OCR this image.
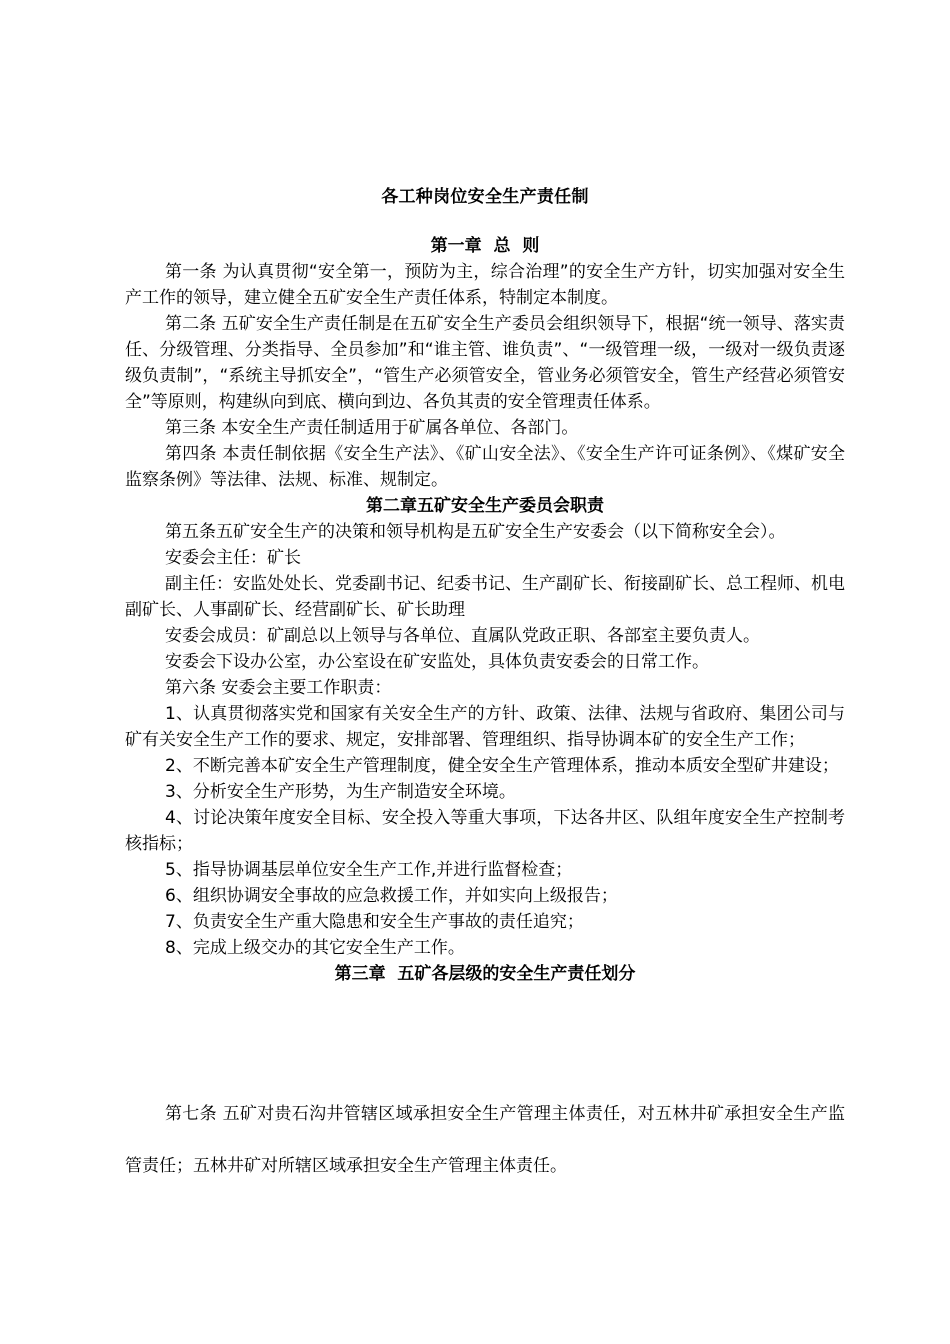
各工种岗位安全生产责任制
第一章  总  则

第一条 为认真贯彻“安全第一，预防为主，综合治理”的安全生产方针，切实加强对安全生产工作的领导，建立健全五矿安全生产责任体系，特制定本制度。

第二条 五矿安全生产责任制是在五矿安全生产委员会组织领导下，根据“统一领导、落实责任、分级管理、分类指导、全员参加”和“谁主管、谁负责”、“一级管理一级，一级对一级负责逐级负责制”，“系统主导抓安全”，“管生产必须管安全，管业务必须管安全，管生产经营必须管安全”等原则，构建纵向到底、横向到边、各负其责的安全管理责任体系。

第三条 本安全生产责任制适用于矿属各单位、各部门。

第四条 本责任制依据《安全生产法》、《矿山安全法》、《安全生产许可证条例》、《煤矿安全监察条例》等法律、法规、标准、规制定。

第二章五矿安全生产委员会职责

第五条五矿安全生产的决策和领导机构是五矿安全生产安委会（以下简称安全会）。

安委会主任：矿长

副主任：安监处处长、党委副书记、纪委书记、生产副矿长、衔接副矿长、总工程师、机电副矿长、人事副矿长、经营副矿长、矿长助理

安委会成员：矿副总以上领导与各单位、直属队党政正职、各部室主要负责人。

安委会下设办公室，办公室设在矿安监处，具体负责安委会的日常工作。

第六条 安委会主要工作职责：

1、认真贯彻落实党和国家有关安全生产的方针、政策、法律、法规与省政府、集团公司与矿有关安全生产工作的要求、规定，安排部署、管理组织、指导协调本矿的安全生产工作；

2、不断完善本矿安全生产管理制度，健全安全生产管理体系，推动本质安全型矿井建设；

3、分析安全生产形势，为生产制造安全环境。

4、讨论决策年度安全目标、安全投入等重大事项，下达各井区、队组年度安全生产控制考核指标；

5、指导协调基层单位安全生产工作,并进行监督检查；

6、组织协调安全事故的应急救援工作，并如实向上级报告；

7、负责安全生产重大隐患和安全生产事故的责任追究；

8、完成上级交办的其它安全生产工作。

第三章  五矿各层级的安全生产责任划分

第七条 五矿对贵石沟井管辖区域承担安全生产管理主体责任，对五林井矿承担安全生产监管责任；五林井矿对所辖区域承担安全生产管理主体责任。
